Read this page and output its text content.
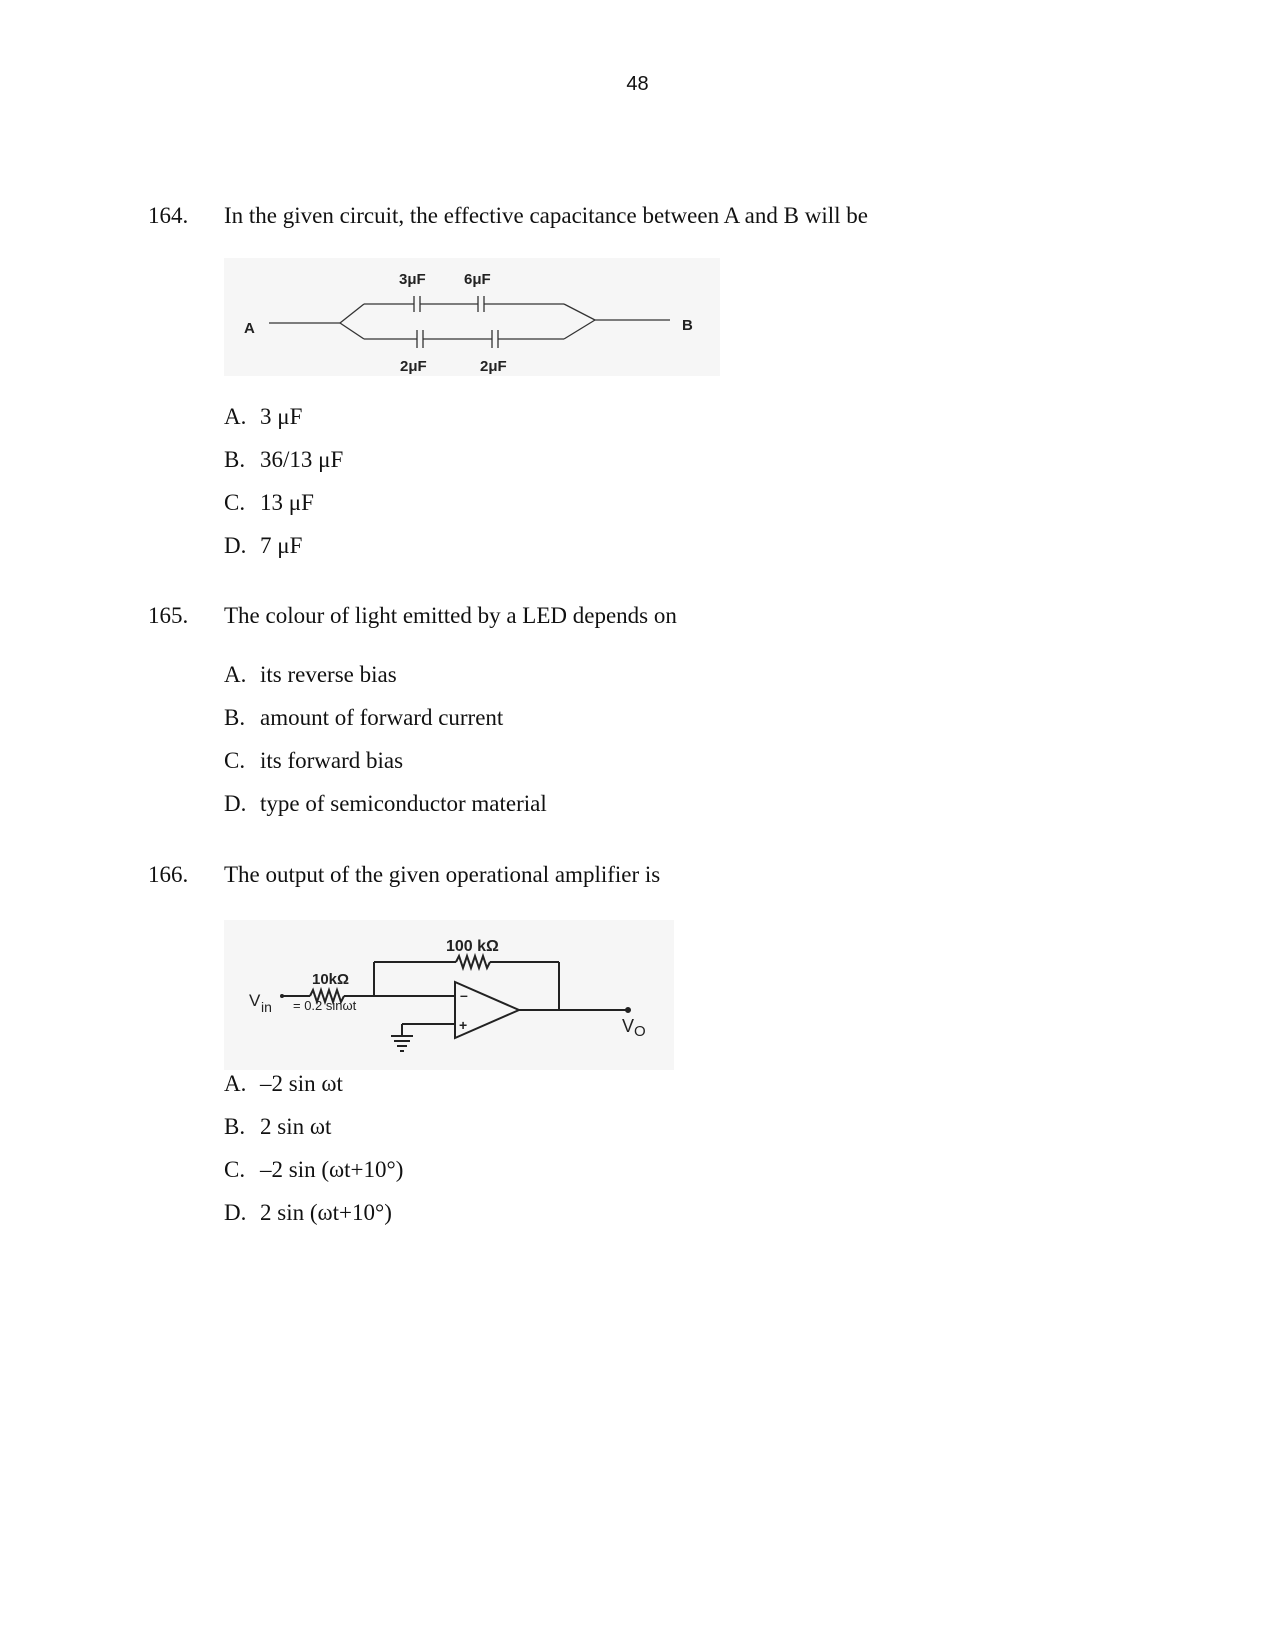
48
164. In the given circuit, the effective capacitance between A and B will be
A	B
3μF	6μF
2μF	2μF
A. 3 μF
B. 36/13 μF
C. 13 μF
D. 7 μF
165. The colour of light emitted by a LED depends on
A. its reverse bias
B. amount of forward current
C. its forward bias
D. type of semiconductor material
166. The output of the given operational amplifier is
100 kΩ
10kΩ
V in = 0.2 sinωt
–
+	V O
A. –2 sin ωt
B. 2 sin ωt
C. –2 sin (ωt+10°)
D. 2 sin (ωt+10°)
